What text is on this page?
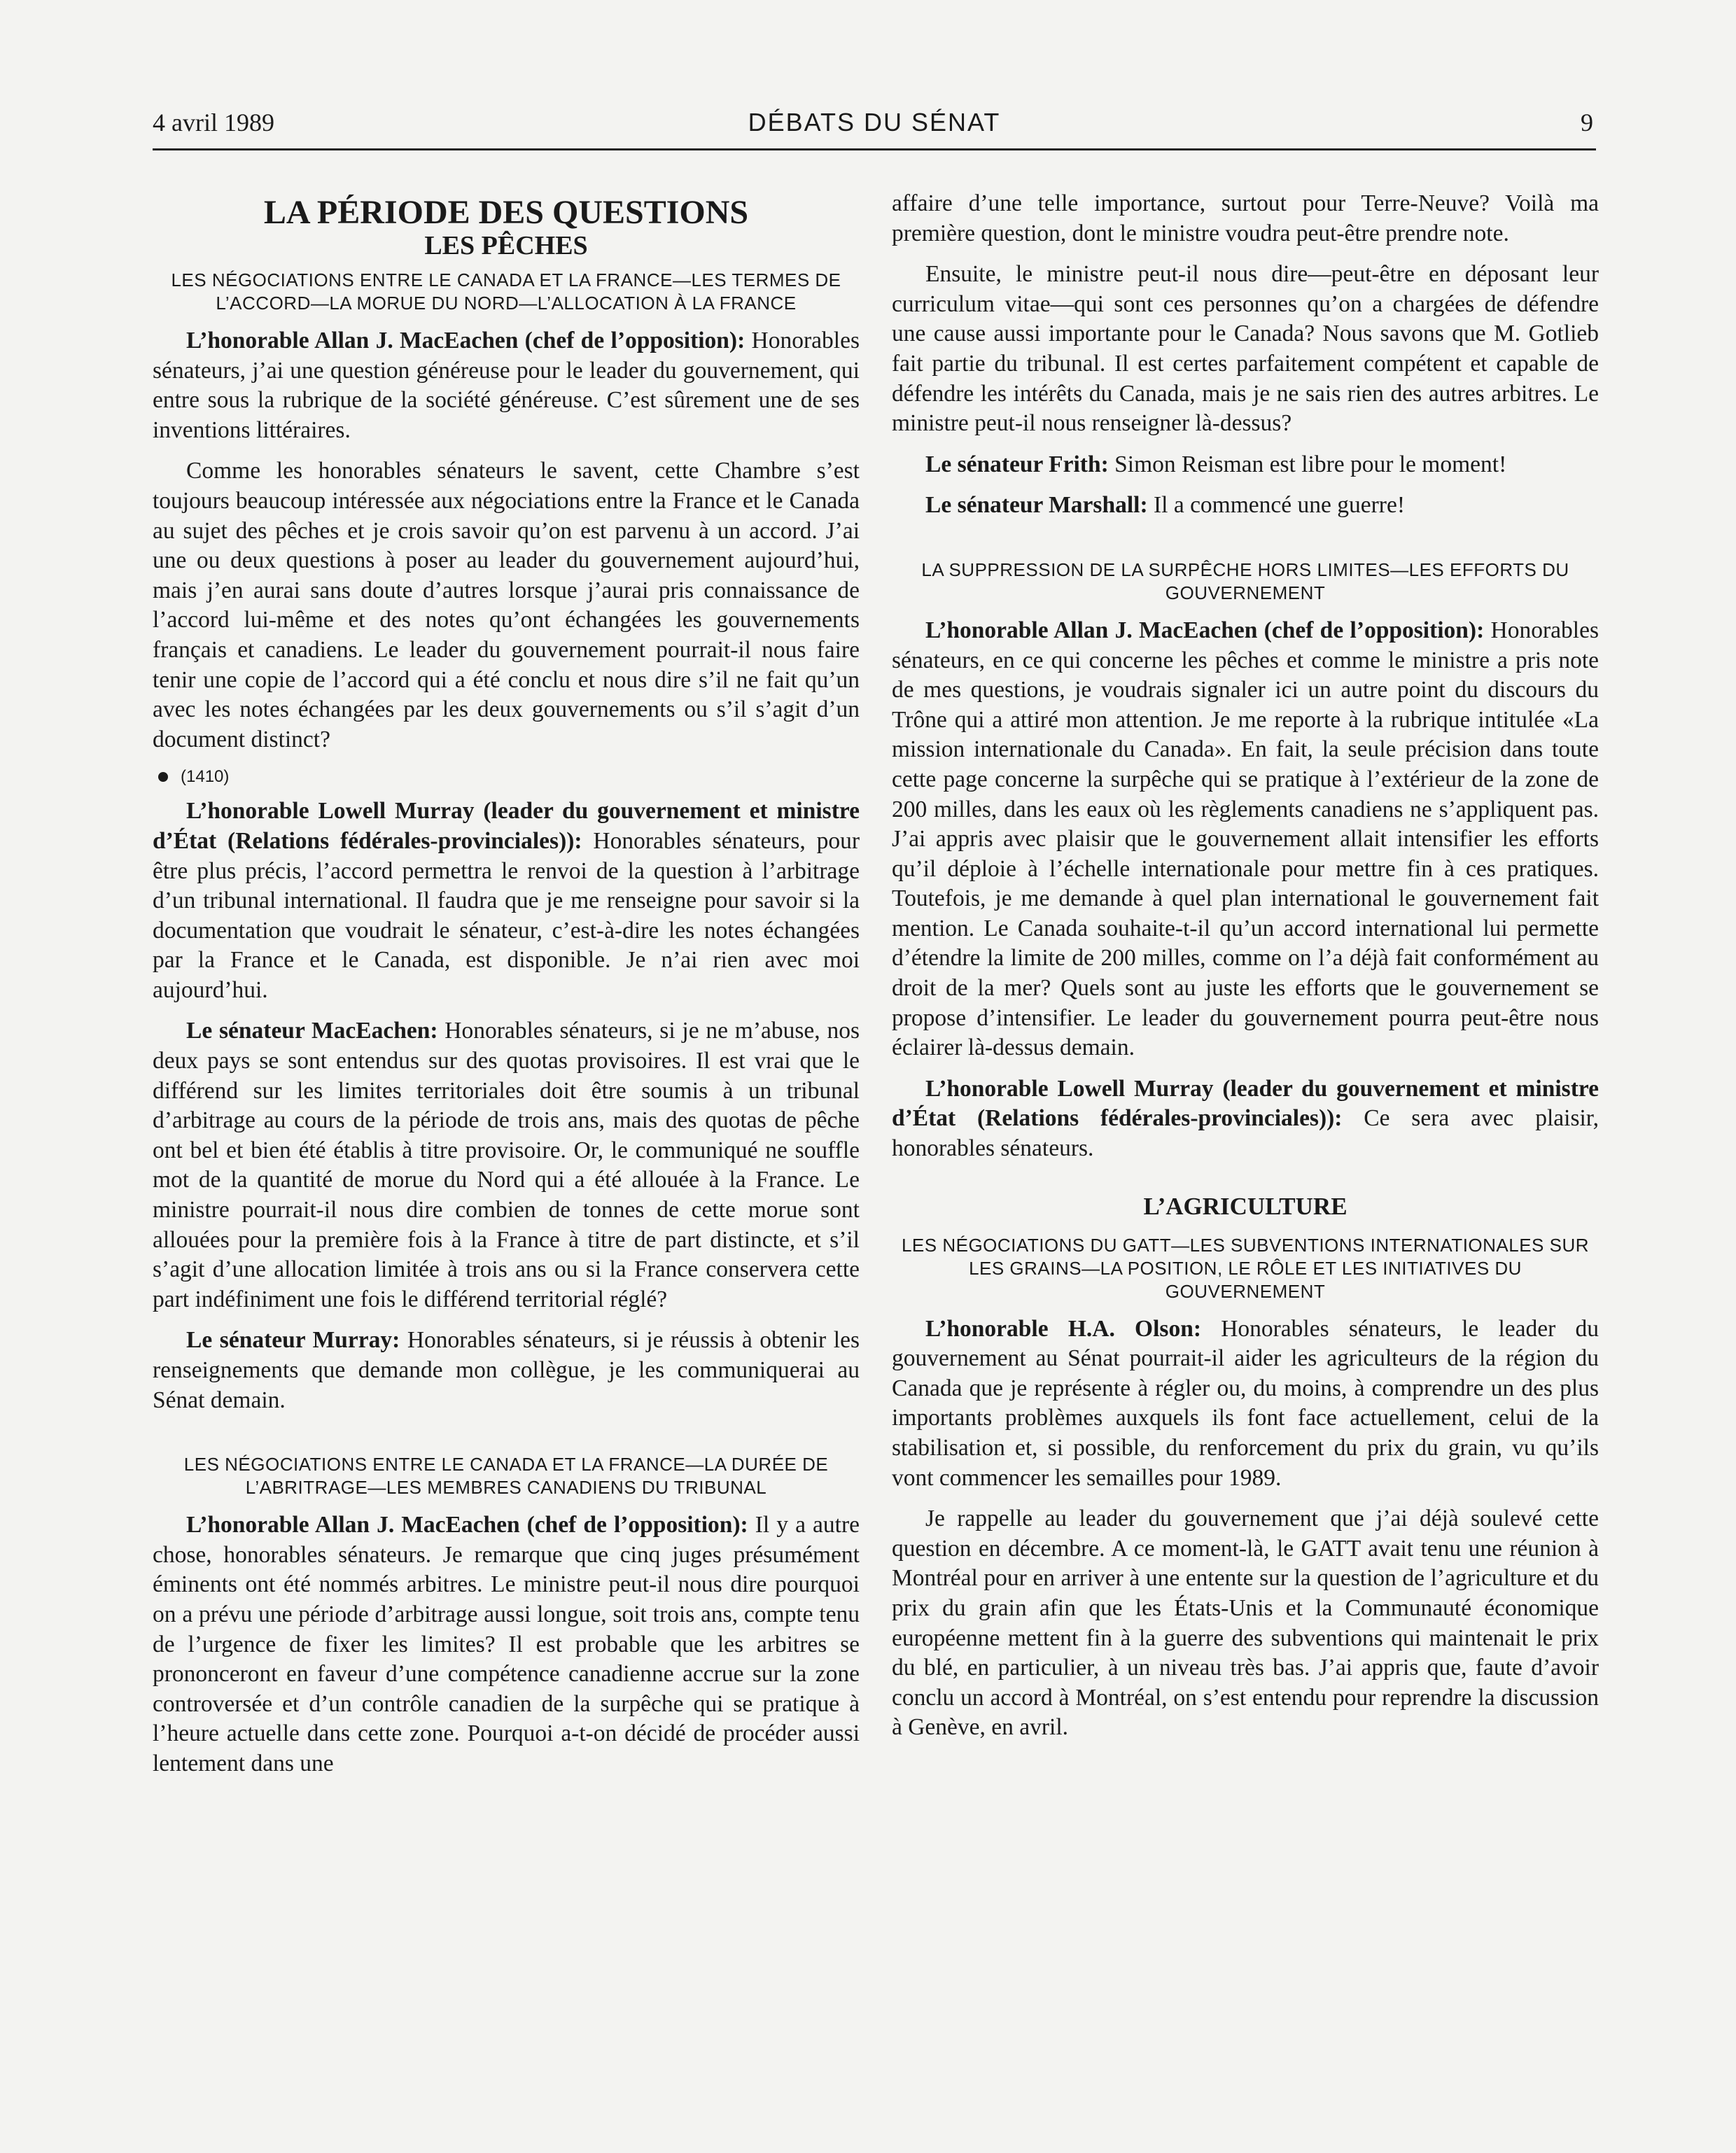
4 avril 1989	DÉBATS DU SÉNAT	9
LA PÉRIODE DES QUESTIONS
LES PÊCHES
LES NÉGOCIATIONS ENTRE LE CANADA ET LA FRANCE—LES TERMES DE L’ACCORD—LA MORUE DU NORD—L’ALLOCATION À LA FRANCE

L’honorable Allan J. MacEachen (chef de l’opposition): Honorables sénateurs, j’ai une question généreuse pour le leader du gouvernement, qui entre sous la rubrique de la société généreuse. C’est sûrement une de ses inventions littéraires.

Comme les honorables sénateurs le savent, cette Chambre s’est toujours beaucoup intéressée aux négociations entre la France et le Canada au sujet des pêches et je crois savoir qu’on est parvenu à un accord. J’ai une ou deux questions à poser au leader du gouvernement aujourd’hui, mais j’en aurai sans doute d’autres lorsque j’aurai pris connaissance de l’accord lui-même et des notes qu’ont échangées les gouvernements français et canadiens. Le leader du gouvernement pourrait-il nous faire tenir une copie de l’accord qui a été conclu et nous dire s’il ne fait qu’un avec les notes échangées par les deux gouvernements ou s’il s’agit d’un document distinct?

(1410)

L’honorable Lowell Murray (leader du gouvernement et ministre d’État (Relations fédérales-provinciales)): Honorables sénateurs, pour être plus précis, l’accord permettra le renvoi de la question à l’arbitrage d’un tribunal international. Il faudra que je me renseigne pour savoir si la documentation que voudrait le sénateur, c’est-à-dire les notes échangées par la France et le Canada, est disponible. Je n’ai rien avec moi aujourd’hui.

Le sénateur MacEachen: Honorables sénateurs, si je ne m’abuse, nos deux pays se sont entendus sur des quotas provisoires. Il est vrai que le différend sur les limites territoriales doit être soumis à un tribunal d’arbitrage au cours de la période de trois ans, mais des quotas de pêche ont bel et bien été établis à titre provisoire. Or, le communiqué ne souffle mot de la quantité de morue du Nord qui a été allouée à la France. Le ministre pourrait-il nous dire combien de tonnes de cette morue sont allouées pour la première fois à la France à titre de part distincte, et s’il s’agit d’une allocation limitée à trois ans ou si la France conservera cette part indéfiniment une fois le différend territorial réglé?

Le sénateur Murray: Honorables sénateurs, si je réussis à obtenir les renseignements que demande mon collègue, je les communiquerai au Sénat demain.

LES NÉGOCIATIONS ENTRE LE CANADA ET LA FRANCE—LA DURÉE DE L’ABRITRAGE—LES MEMBRES CANADIENS DU TRIBUNAL

L’honorable Allan J. MacEachen (chef de l’opposition): Il y a autre chose, honorables sénateurs. Je remarque que cinq juges présumément éminents ont été nommés arbitres. Le ministre peut-il nous dire pourquoi on a prévu une période d’arbitrage aussi longue, soit trois ans, compte tenu de l’urgence de fixer les limites? Il est probable que les arbitres se prononceront en faveur d’une compétence canadienne accrue sur la zone controversée et d’un contrôle canadien de la surpêche qui se pratique à l’heure actuelle dans cette zone. Pourquoi a-t-on décidé de procéder aussi lentement dans une

affaire d’une telle importance, surtout pour Terre-Neuve? Voilà ma première question, dont le ministre voudra peut-être prendre note.

Ensuite, le ministre peut-il nous dire—peut-être en déposant leur curriculum vitae—qui sont ces personnes qu’on a chargées de défendre une cause aussi importante pour le Canada? Nous savons que M. Gotlieb fait partie du tribunal. Il est certes parfaitement compétent et capable de défendre les intérêts du Canada, mais je ne sais rien des autres arbitres. Le ministre peut-il nous renseigner là-dessus?

Le sénateur Frith: Simon Reisman est libre pour le moment!

Le sénateur Marshall: Il a commencé une guerre!

LA SUPPRESSION DE LA SURPÊCHE HORS LIMITES—LES EFFORTS DU GOUVERNEMENT

L’honorable Allan J. MacEachen (chef de l’opposition): Honorables sénateurs, en ce qui concerne les pêches et comme le ministre a pris note de mes questions, je voudrais signaler ici un autre point du discours du Trône qui a attiré mon attention. Je me reporte à la rubrique intitulée «La mission internationale du Canada». En fait, la seule précision dans toute cette page concerne la surpêche qui se pratique à l’extérieur de la zone de 200 milles, dans les eaux où les règlements canadiens ne s’appliquent pas. J’ai appris avec plaisir que le gouvernement allait intensifier les efforts qu’il déploie à l’échelle internationale pour mettre fin à ces pratiques. Toutefois, je me demande à quel plan international le gouvernement fait mention. Le Canada souhaite-t-il qu’un accord international lui permette d’étendre la limite de 200 milles, comme on l’a déjà fait conformément au droit de la mer? Quels sont au juste les efforts que le gouvernement se propose d’intensifier. Le leader du gouvernement pourra peut-être nous éclairer là-dessus demain.

L’honorable Lowell Murray (leader du gouvernement et ministre d’État (Relations fédérales-provinciales)): Ce sera avec plaisir, honorables sénateurs.

L’AGRICULTURE
LES NÉGOCIATIONS DU GATT—LES SUBVENTIONS INTERNATIONALES SUR LES GRAINS—LA POSITION, LE RÔLE ET LES INITIATIVES DU GOUVERNEMENT

L’honorable H.A. Olson: Honorables sénateurs, le leader du gouvernement au Sénat pourrait-il aider les agriculteurs de la région du Canada que je représente à régler ou, du moins, à comprendre un des plus importants problèmes auxquels ils font face actuellement, celui de la stabilisation et, si possible, du renforcement du prix du grain, vu qu’ils vont commencer les semailles pour 1989.

Je rappelle au leader du gouvernement que j’ai déjà soulevé cette question en décembre. A ce moment-là, le GATT avait tenu une réunion à Montréal pour en arriver à une entente sur la question de l’agriculture et du prix du grain afin que les États-Unis et la Communauté économique européenne mettent fin à la guerre des subventions qui maintenait le prix du blé, en particulier, à un niveau très bas. J’ai appris que, faute d’avoir conclu un accord à Montréal, on s’est entendu pour reprendre la discussion à Genève, en avril.
